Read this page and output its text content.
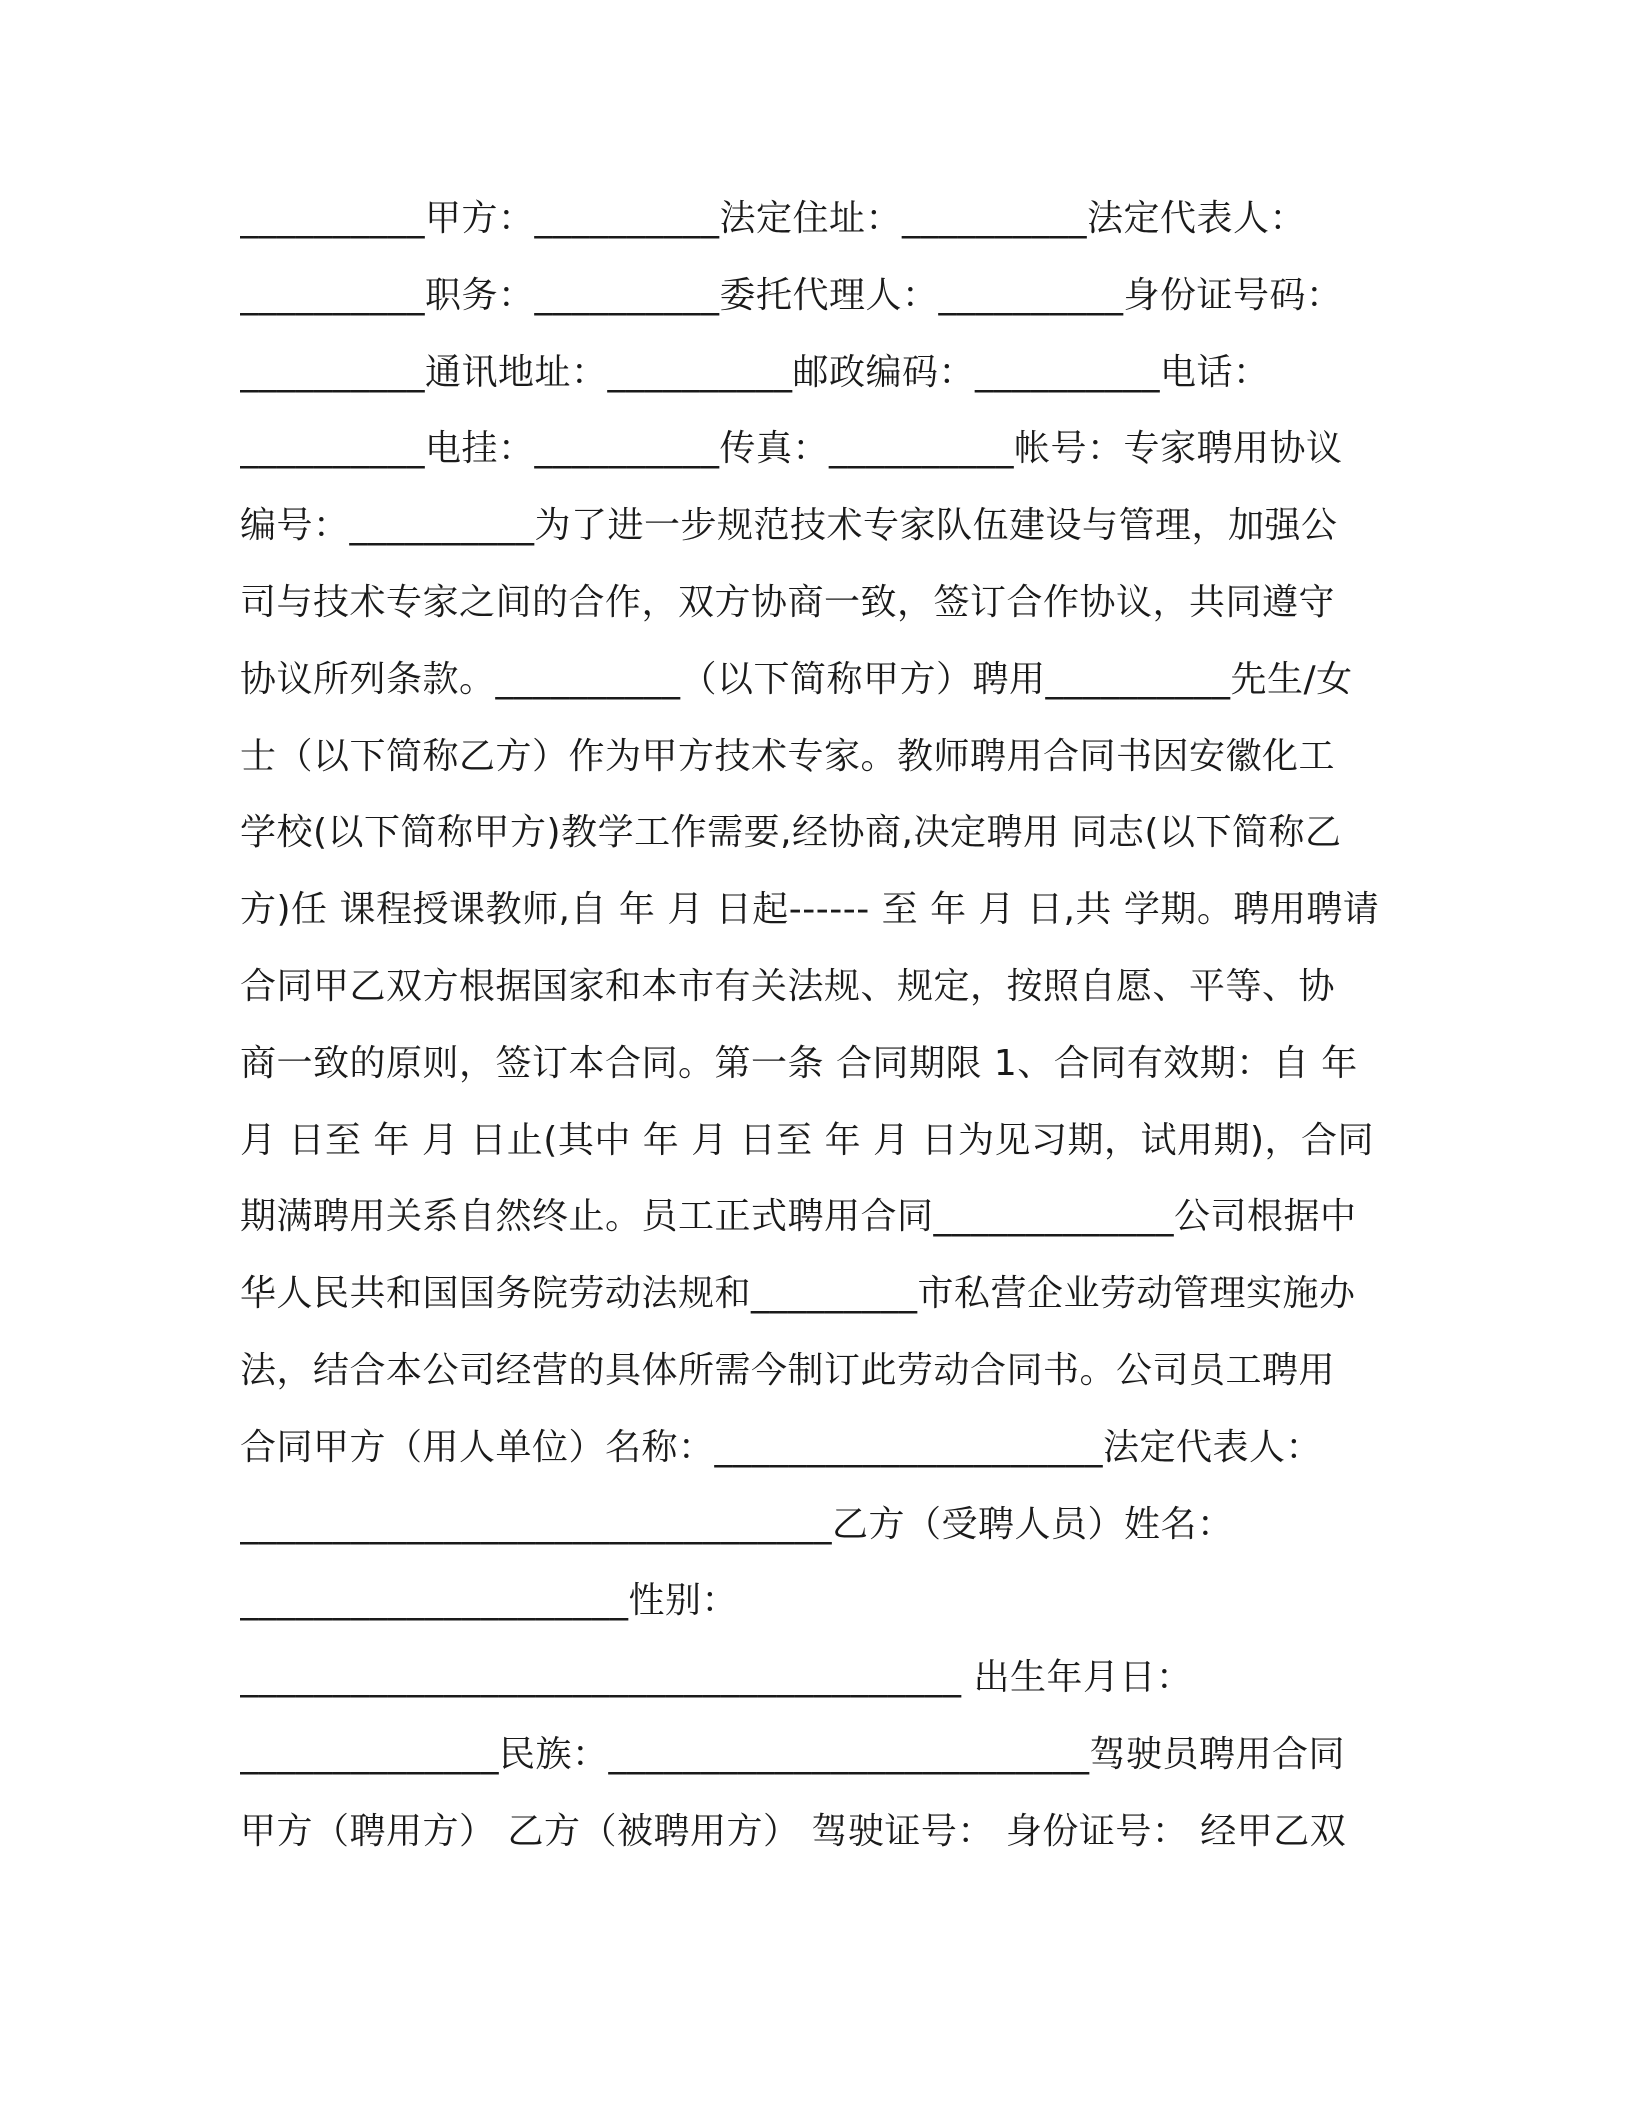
__________甲方：__________法定住址：__________法定代表人：
__________职务：__________委托代理人：__________身份证号码：
__________通讯地址：__________邮政编码：__________电话：
__________电挂：__________传真：__________帐号：专家聘用协议
编号：__________为了进一步规范技术专家队伍建设与管理，加强公
司与技术专家之间的合作，双方协商一致，签订合作协议，共同遵守
协议所列条款。__________（以下简称甲方）聘用__________先生/女
士（以下简称乙方）作为甲方技术专家。教师聘用合同书因安徽化工
学校(以下简称甲方)教学工作需要,经协商,决定聘用 同志(以下简称乙
方)任 课程授课教师,自 年 月 日起------ 至 年 月 日,共 学期。聘用聘请
合同甲乙双方根据国家和本市有关法规、规定，按照自愿、平等、协
商一致的原则，签订本合同。第一条 合同期限 1、合同有效期：自 年
月 日至 年 月 日止(其中 年 月 日至 年 月 日为见习期，试用期)，合同
期满聘用关系自然终止。员工正式聘用合同_____________公司根据中
华人民共和国国务院劳动法规和_________市私营企业劳动管理实施办
法，结合本公司经营的具体所需今制订此劳动合同书。公司员工聘用
合同甲方（用人单位）名称：_____________________法定代表人：
________________________________乙方（受聘人员）姓名：
_____________________性别：
_______________________________________ 出生年月日：
______________民族：__________________________驾驶员聘用合同
甲方（聘用方） 乙方（被聘用方） 驾驶证号： 身份证号： 经甲乙双
